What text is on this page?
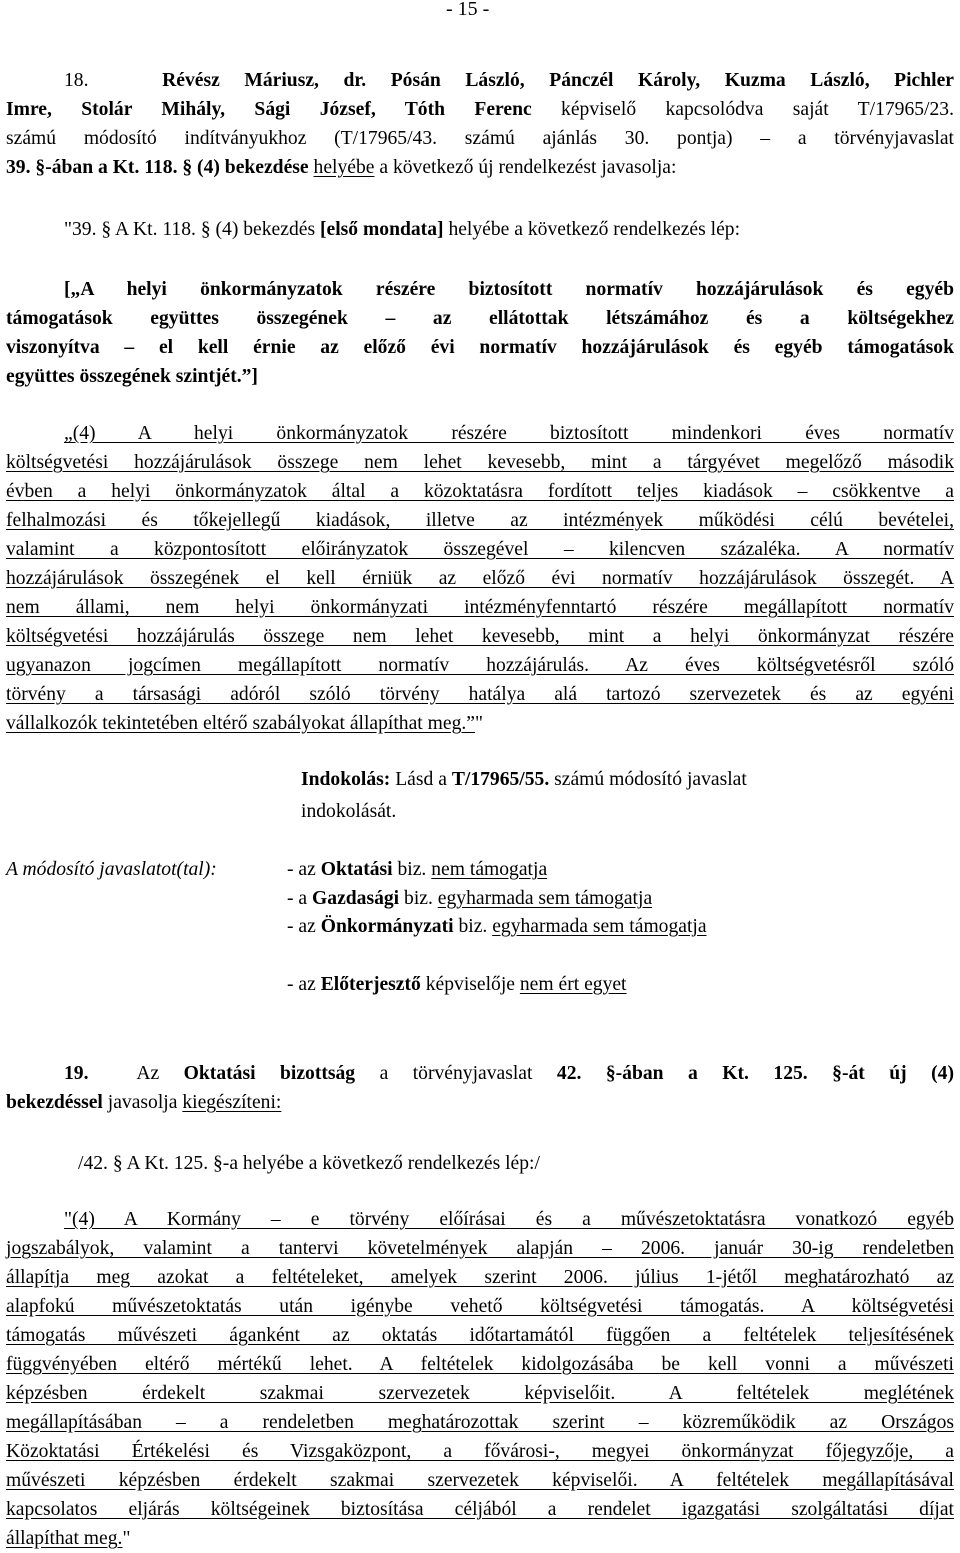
- 15 -
18.	Révész Máriusz, dr. Pósán László, Pánczél Károly, Kuzma László, Pichler
Imre, Stolár Mihály, Sági József, Tóth Ferenc képviselő kapcsolódva saját T/17965/23.
számú módosító indítványukhoz (T/17965/43. számú ajánlás 30. pontja) – a törvényjavaslat
39. §-ában a Kt. 118. § (4) bekezdése helyébe a következő új rendelkezést javasolja:
"39. § A Kt. 118. § (4) bekezdés [első mondata] helyébe a következő rendelkezés lép:
[„A helyi önkormányzatok részére biztosított normatív hozzájárulások és egyéb
támogatások együttes összegének – az ellátottak létszámához és a költségekhez
viszonyítva – el kell érnie az előző évi normatív hozzájárulások és egyéb támogatások
együttes összegének szintjét.”]
„(4) A helyi önkormányzatok részére biztosított mindenkori éves normatív
költségvetési hozzájárulások összege nem lehet kevesebb, mint a tárgyévet megelőző második
évben a helyi önkormányzatok által a közoktatásra fordított teljes kiadások – csökkentve a
felhalmozási és tőkejellegű kiadások, illetve az intézmények működési célú bevételei,
valamint a központosított előirányzatok összegével – kilencven százaléka. A normatív
hozzájárulások összegének el kell érniük az előző évi normatív hozzájárulások összegét. A
nem állami, nem helyi önkormányzati intézményfenntartó részére megállapított normatív
költségvetési hozzájárulás összege nem lehet kevesebb, mint a helyi önkormányzat részére
ugyanazon jogcímen megállapított normatív hozzájárulás. Az éves költségvetésről szóló
törvény a társasági adóról szóló törvény hatálya alá tartozó szervezetek és az egyéni
vállalkozók tekintetében eltérő szabályokat állapíthat meg.”"
Indokolás: Lásd a T/17965/55. számú módosító javaslat
indokolását.
A módosító javaslatot(tal):	- az Oktatási biz. nem támogatja
- a Gazdasági biz. egyharmada sem támogatja
- az Önkormányzati biz. egyharmada sem támogatja
- az Előterjesztő képviselője nem ért egyet
19. Az Oktatási bizottság a törvényjavaslat 42. §-ában a Kt. 125. §-át új (4)
bekezdéssel javasolja kiegészíteni:
/42. § A Kt. 125. §-a helyébe a következő rendelkezés lép:/
"(4) A Kormány – e törvény előírásai és a művészetoktatásra vonatkozó egyéb
jogszabályok, valamint a tantervi követelmények alapján – 2006. január 30-ig rendeletben
állapítja meg azokat a feltételeket, amelyek szerint 2006. július 1-jétől meghatározható az
alapfokú művészetoktatás után igénybe vehető költségvetési támogatás. A költségvetési
támogatás művészeti áganként az oktatás időtartamától függően a feltételek teljesítésének
függvényében eltérő mértékű lehet. A feltételek kidolgozásába be kell vonni a művészeti
képzésben érdekelt szakmai szervezetek képviselőit. A feltételek meglétének
megállapításában – a rendeletben meghatározottak szerint – közreműködik az Országos
Közoktatási Értékelési és Vizsgaközpont, a fővárosi-, megyei önkormányzat főjegyzője, a
művészeti képzésben érdekelt szakmai szervezetek képviselői. A feltételek megállapításával
kapcsolatos eljárás költségeinek biztosítása céljából a rendelet igazgatási szolgáltatási díjat
állapíthat meg."
